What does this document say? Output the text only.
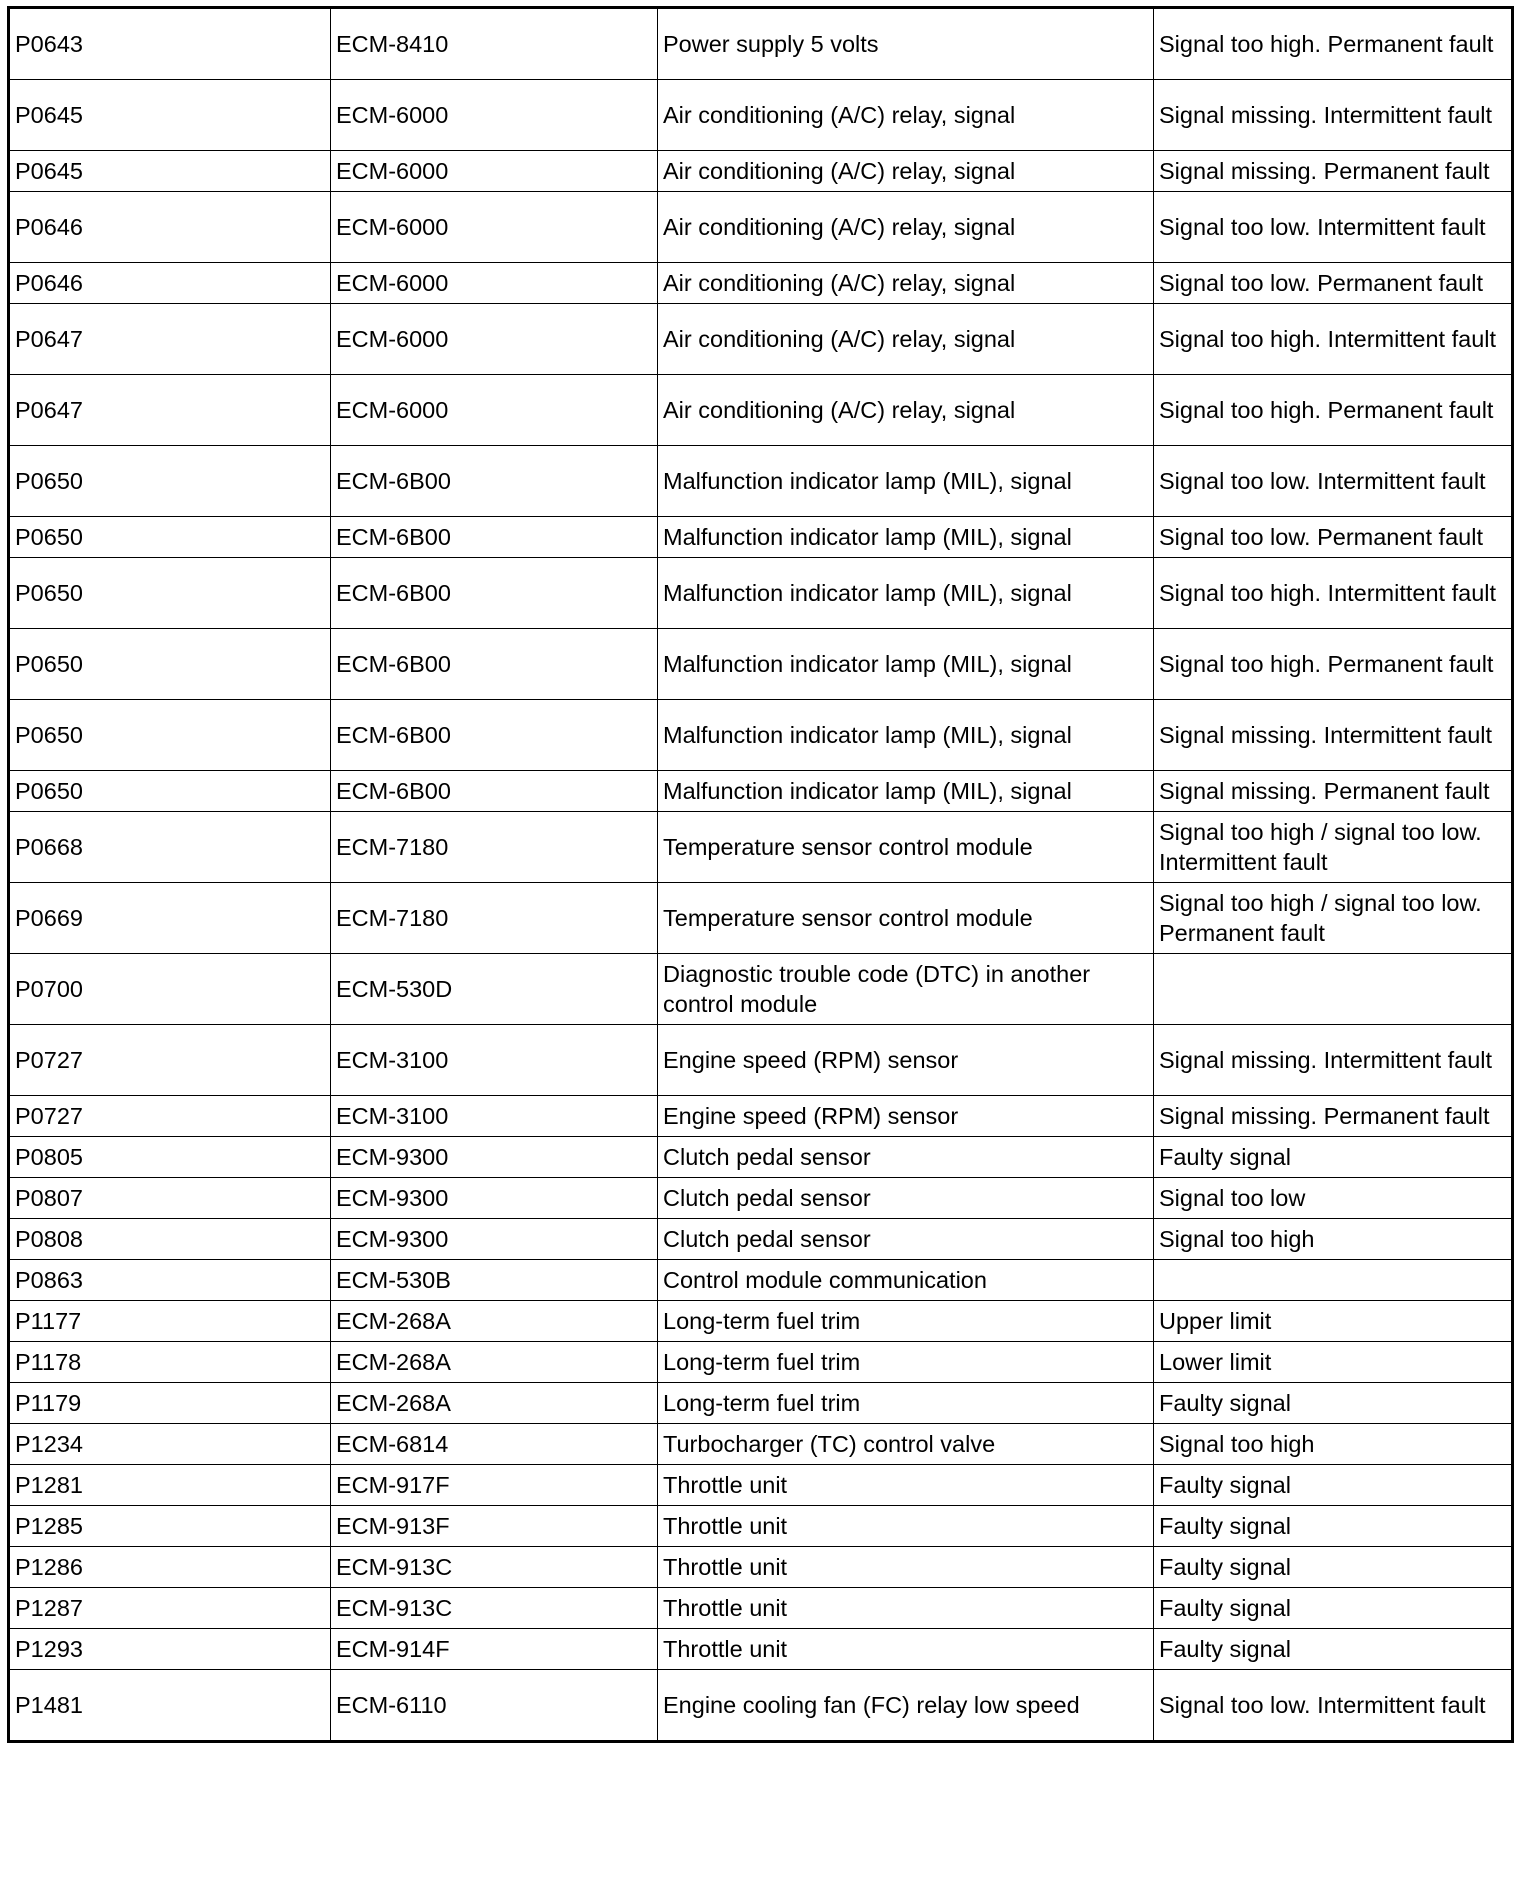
P0643	ECM-8410	Power supply 5 volts	Signal too high. Permanent fault
P0645	ECM-6000	Air conditioning (A/C) relay, signal	Signal missing. Intermittent fault
P0645	ECM-6000	Air conditioning (A/C) relay, signal	Signal missing. Permanent fault
P0646	ECM-6000	Air conditioning (A/C) relay, signal	Signal too low. Intermittent fault
P0646	ECM-6000	Air conditioning (A/C) relay, signal	Signal too low. Permanent fault
P0647	ECM-6000	Air conditioning (A/C) relay, signal	Signal too high. Intermittent fault
P0647	ECM-6000	Air conditioning (A/C) relay, signal	Signal too high. Permanent fault
P0650	ECM-6B00	Malfunction indicator lamp (MIL), signal	Signal too low. Intermittent fault
P0650	ECM-6B00	Malfunction indicator lamp (MIL), signal	Signal too low. Permanent fault
P0650	ECM-6B00	Malfunction indicator lamp (MIL), signal	Signal too high. Intermittent fault
P0650	ECM-6B00	Malfunction indicator lamp (MIL), signal	Signal too high. Permanent fault
P0650	ECM-6B00	Malfunction indicator lamp (MIL), signal	Signal missing. Intermittent fault
P0650	ECM-6B00	Malfunction indicator lamp (MIL), signal	Signal missing. Permanent fault
P0668	ECM-7180	Temperature sensor control module	Signal too high / signal too low. Intermittent fault
P0669	ECM-7180	Temperature sensor control module	Signal too high / signal too low. Permanent fault
P0700	ECM-530D	Diagnostic trouble code (DTC) in another control module	
P0727	ECM-3100	Engine speed (RPM) sensor	Signal missing. Intermittent fault
P0727	ECM-3100	Engine speed (RPM) sensor	Signal missing. Permanent fault
P0805	ECM-9300	Clutch pedal sensor	Faulty signal
P0807	ECM-9300	Clutch pedal sensor	Signal too low
P0808	ECM-9300	Clutch pedal sensor	Signal too high
P0863	ECM-530B	Control module communication	
P1177	ECM-268A	Long-term fuel trim	Upper limit
P1178	ECM-268A	Long-term fuel trim	Lower limit
P1179	ECM-268A	Long-term fuel trim	Faulty signal
P1234	ECM-6814	Turbocharger (TC) control valve	Signal too high
P1281	ECM-917F	Throttle unit	Faulty signal
P1285	ECM-913F	Throttle unit	Faulty signal
P1286	ECM-913C	Throttle unit	Faulty signal
P1287	ECM-913C	Throttle unit	Faulty signal
P1293	ECM-914F	Throttle unit	Faulty signal
P1481	ECM-6110	Engine cooling fan (FC) relay low speed	Signal too low. Intermittent fault
